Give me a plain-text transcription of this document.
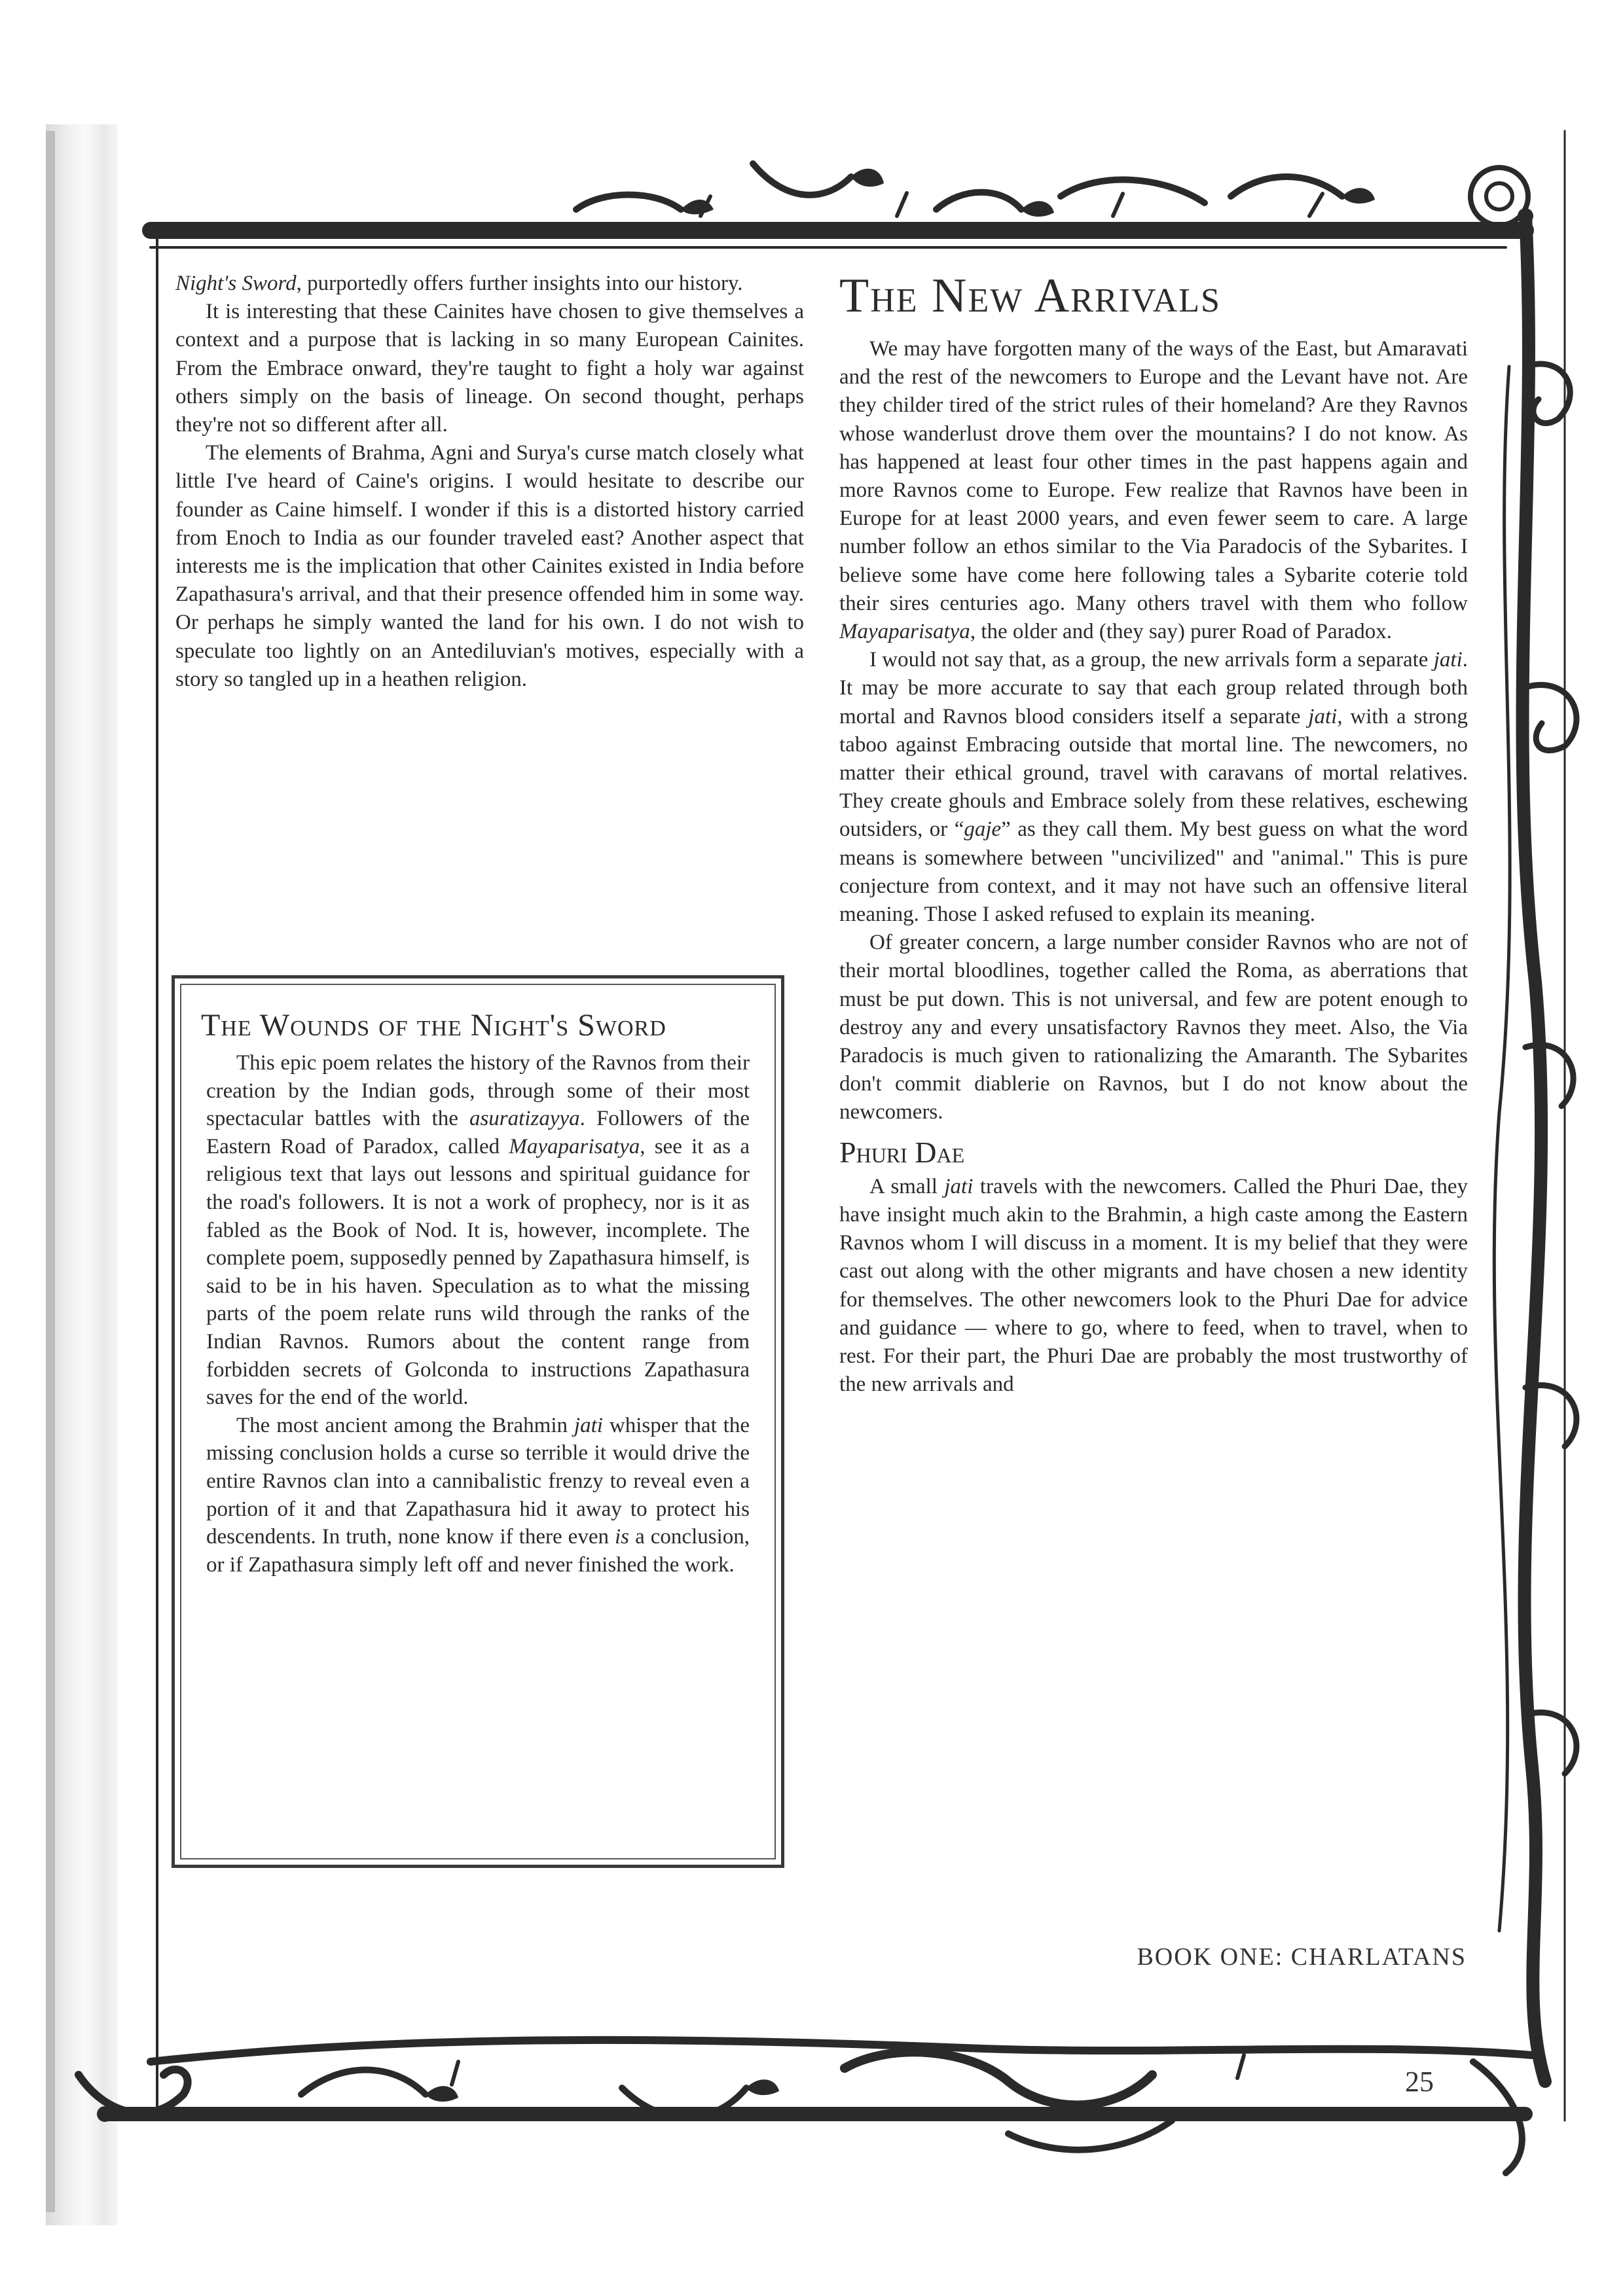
Night's Sword, purportedly offers further insights into our history.

It is interesting that these Cainites have chosen to give themselves a context and a purpose that is lacking in so many European Cainites. From the Embrace onward, they're taught to fight a holy war against others simply on the basis of lineage. On second thought, perhaps they're not so different after all.

The elements of Brahma, Agni and Surya's curse match closely what little I've heard of Caine's origins. I would hesitate to describe our founder as Caine himself. I wonder if this is a distorted history carried from Enoch to India as our founder traveled east? Another aspect that interests me is the implication that other Cainites existed in India before Zapathasura's arrival, and that their presence offended him in some way. Or perhaps he simply wanted the land for his own. I do not wish to speculate too lightly on an Antediluvian's motives, especially with a story so tangled up in a heathen religion.

The Wounds of the Night's Sword

This epic poem relates the history of the Ravnos from their creation by the Indian gods, through some of their most spectacular battles with the asuratizayya. Followers of the Eastern Road of Paradox, called Mayaparisatya, see it as a religious text that lays out lessons and spiritual guidance for the road's followers. It is not a work of prophecy, nor is it as fabled as the Book of Nod. It is, however, incomplete. The complete poem, supposedly penned by Zapathasura himself, is said to be in his haven. Speculation as to what the missing parts of the poem relate runs wild through the ranks of the Indian Ravnos. Rumors about the content range from forbidden secrets of Golconda to instructions Zapathasura saves for the end of the world.

The most ancient among the Brahmin jati whisper that the missing conclusion holds a curse so terrible it would drive the entire Ravnos clan into a cannibalistic frenzy to reveal even a portion of it and that Zapathasura hid it away to protect his descendents. In truth, none know if there even is a conclusion, or if Zapathasura simply left off and never finished the work.

The New Arrivals

We may have forgotten many of the ways of the East, but Amaravati and the rest of the newcomers to Europe and the Levant have not. Are they childer tired of the strict rules of their homeland? Are they Ravnos whose wanderlust drove them over the mountains? I do not know. As has happened at least four other times in the past happens again and more Ravnos come to Europe. Few realize that Ravnos have been in Europe for at least 2000 years, and even fewer seem to care. A large number follow an ethos similar to the Via Paradocis of the Sybarites. I believe some have come here following tales a Sybarite coterie told their sires centuries ago. Many others travel with them who follow Mayaparisatya, the older and (they say) purer Road of Paradox.

I would not say that, as a group, the new arrivals form a separate jati. It may be more accurate to say that each group related through both mortal and Ravnos blood considers itself a separate jati, with a strong taboo against Embracing outside that mortal line. The newcomers, no matter their ethical ground, travel with caravans of mortal relatives. They create ghouls and Embrace solely from these relatives, eschewing outsiders, or “gaje” as they call them. My best guess on what the word means is somewhere between "uncivilized" and "animal." This is pure conjecture from context, and it may not have such an offensive literal meaning. Those I asked refused to explain its meaning.

Of greater concern, a large number consider Ravnos who are not of their mortal bloodlines, together called the Roma, as aberrations that must be put down. This is not universal, and few are potent enough to destroy any and every unsatisfactory Ravnos they meet. Also, the Via Paradocis is much given to rationalizing the Amaranth. The Sybarites don't commit diablerie on Ravnos, but I do not know about the newcomers.

Phuri Dae

A small jati travels with the newcomers. Called the Phuri Dae, they have insight much akin to the Brahmin, a high caste among the Eastern Ravnos whom I will discuss in a moment. It is my belief that they were cast out along with the other migrants and have chosen a new identity for themselves. The other newcomers look to the Phuri Dae for advice and guidance — where to go, where to feed, when to travel, when to rest. For their part, the Phuri Dae are probably the most trustworthy of the new arrivals and

BOOK ONE: CHARLATANS
25
